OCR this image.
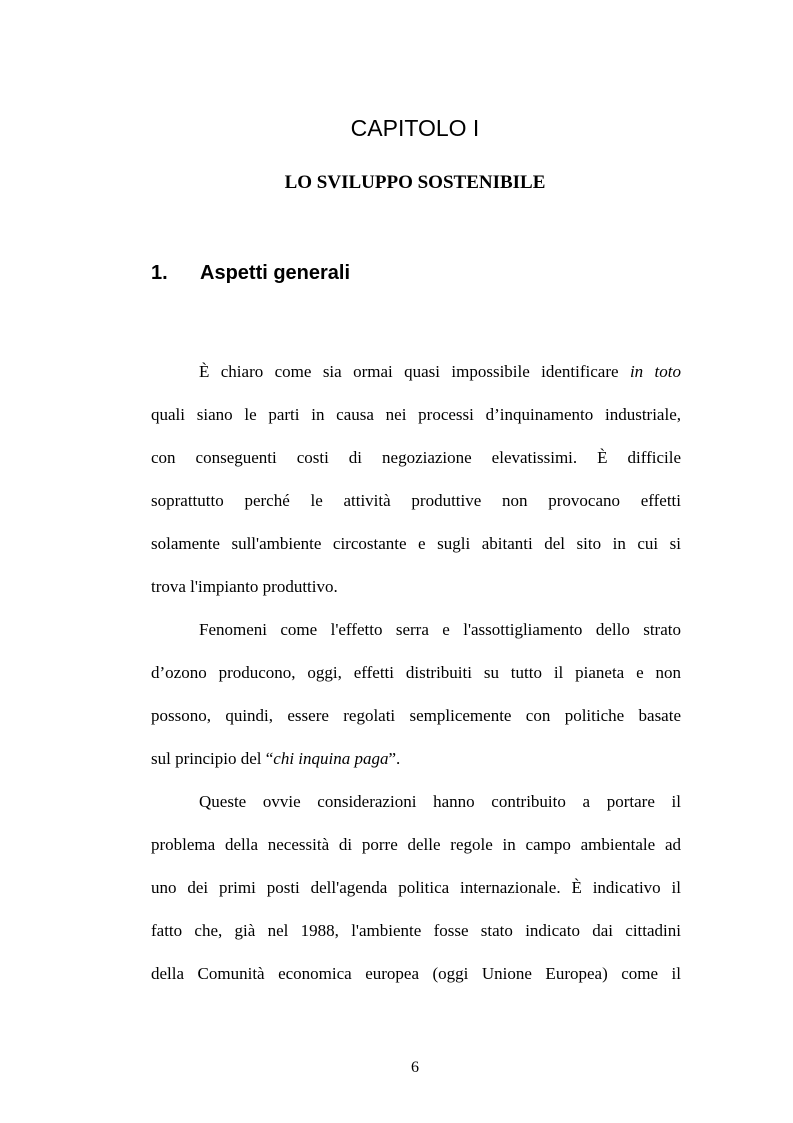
CAPITOLO I
LO SVILUPPO SOSTENIBILE
1. Aspetti generali
È chiaro come sia ormai quasi impossibile identificare in toto
quali siano le parti in causa nei processi d’inquinamento industriale,
con conseguenti costi di negoziazione elevatissimi. È difficile
soprattutto perché le attività produttive non provocano effetti
solamente sull'ambiente circostante e sugli abitanti del sito in cui si
trova l'impianto produttivo.
Fenomeni come l'effetto serra e l'assottigliamento dello strato
d’ozono producono, oggi, effetti distribuiti su tutto il pianeta e non
possono, quindi, essere regolati semplicemente con politiche basate
sul principio del “chi inquina paga”.
Queste ovvie considerazioni hanno contribuito a portare il
problema della necessità di porre delle regole in campo ambientale ad
uno dei primi posti dell'agenda politica internazionale. È indicativo il
fatto che, già nel 1988, l'ambiente fosse stato indicato dai cittadini
della Comunità economica europea (oggi Unione Europea) come il
6
